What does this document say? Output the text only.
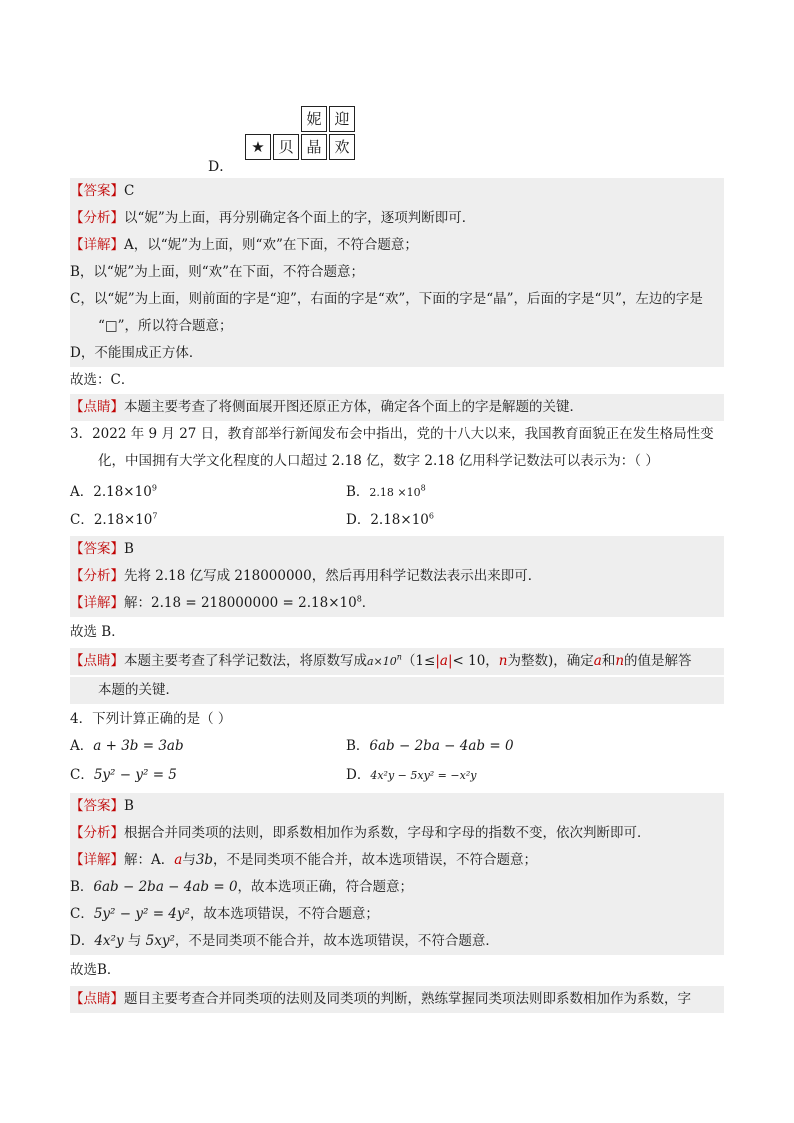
D．
妮 迎
★ 贝 晶 欢
【答案】C
【分析】以“妮”为上面，再分别确定各个面上的字，逐项判断即可．
【详解】A，以“妮”为上面，则“欢”在下面，不符合题意；
B，以“妮”为上面，则“欢”在下面，不符合题意；
C，以“妮”为上面，则前面的字是“迎”，右面的字是“欢”，下面的字是“晶”，后面的字是“贝”，左边的字是
“□”，所以符合题意；
D，不能围成正方体．
故选：C．
【点睛】本题主要考查了将侧面展开图还原正方体，确定各个面上的字是解题的关键．
3．2022 年 9 月 27 日，教育部举行新闻发布会中指出，党的十八大以来，我国教育面貌正在发生格局性变
化，中国拥有大学文化程度的人口超过 2.18 亿，数字 2.18 亿用科学记数法可以表示为：（ ）
A．$2.18\times 10^9$	B．$2.18 \times 10^8$
C．$2.18\times 10^7$	D．$2.18\times 10^6$
【答案】B
【分析】先将 2.18 亿写成 218000000，然后再用科学记数法表示出来即可．
【详解】解：$2.18 = 218000000 = 2.18\times 10^8$．
故选 B．
【点睛】本题主要考查了科学记数法，将原数写成$a\times 10^n(1\le|a|< 10$，n为整数)，确定a和n的值是解答
本题的关键．
4．下列计算正确的是（ ）
A．a + 3b = 3ab	B．6ab − 2ba − 4ab = 0
C．5y² − y² = 5	D．4x²y − 5xy² = −x²y
【答案】B
【分析】根据合并同类项的法则，即系数相加作为系数，字母和字母的指数不变，依次判断即可．
【详解】解：A．a与3b，不是同类项不能合并，故本选项错误，不符合题意；
B．6ab − 2ba − 4ab = 0，故本选项正确，符合题意；
C．5y² − y² = 4y²，故本选项错误，不符合题意；
D．4x²y 与 5xy²，不是同类项不能合并，故本选项错误，不符合题意．
故选B．
【点睛】题目主要考查合并同类项的法则及同类项的判断，熟练掌握同类项法则即系数相加作为系数，字
